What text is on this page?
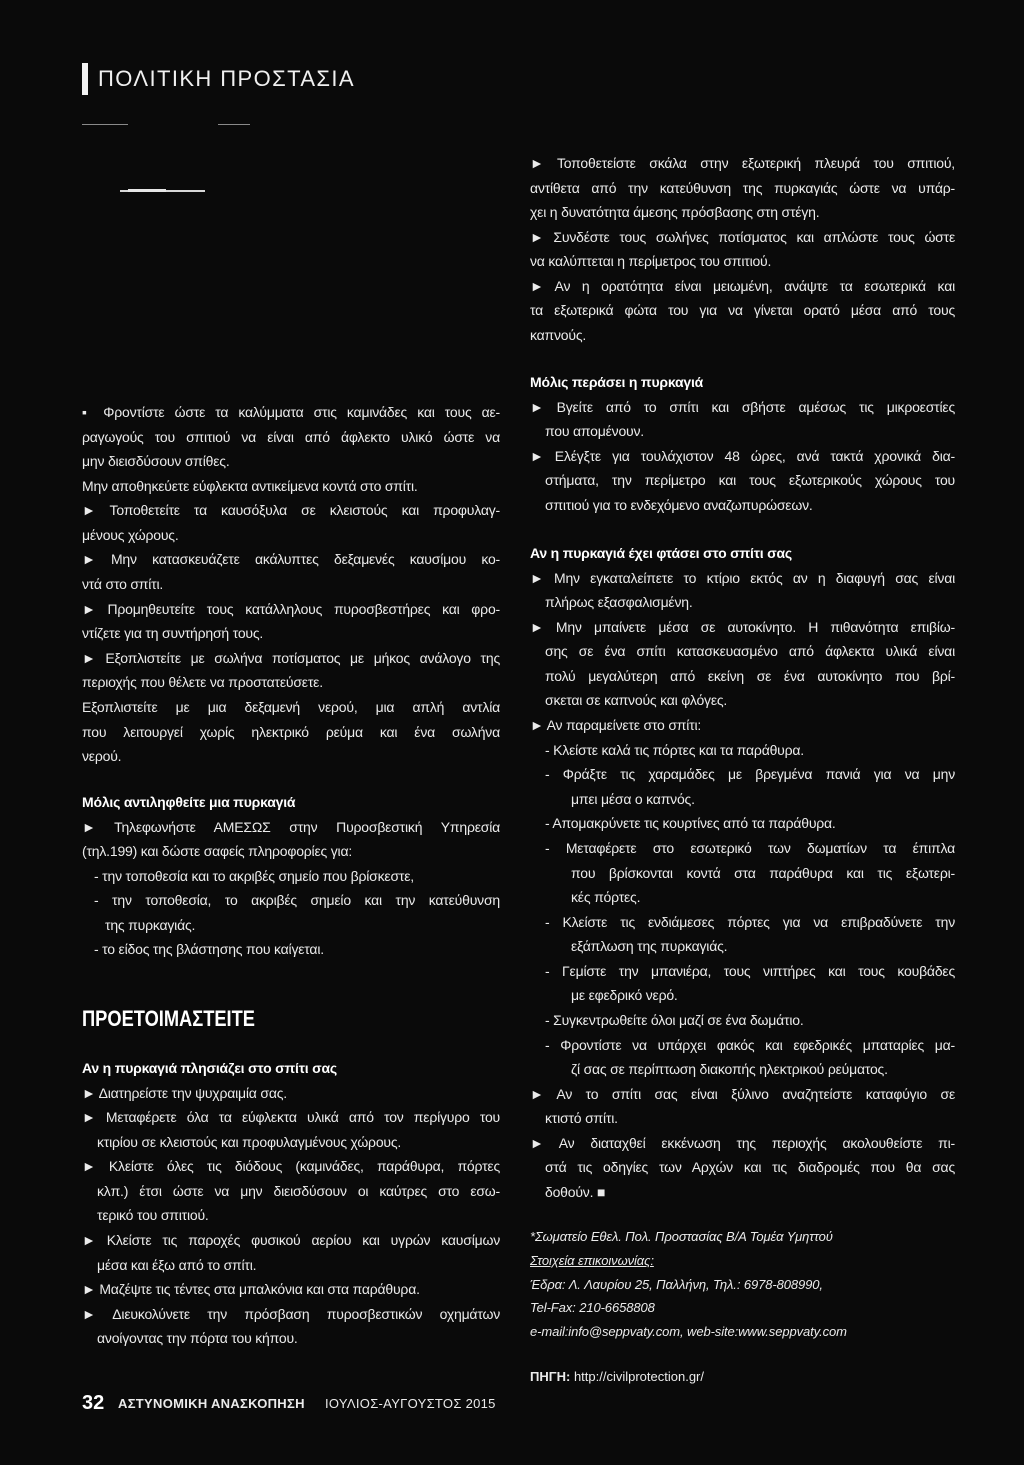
ΠΟΛΙΤΙΚΗ ΠΡΟΣΤΑΣΙΑ
▪ Φροντίστε ώστε τα καλύμματα στις καμινάδες και τους αε-
ραγωγούς του σπιτιού να είναι από άφλεκτο υλικό ώστε να
μην διεισδύσουν σπίθες.
Μην αποθηκεύετε εύφλεκτα αντικείμενα κοντά στο σπίτι.
► Τοποθετείτε τα καυσόξυλα σε κλειστούς και προφυλαγ-
μένους χώρους.
► Μην κατασκευάζετε ακάλυπτες δεξαμενές καυσίμου κο-
ντά στο σπίτι.
► Προμηθευτείτε τους κατάλληλους πυροσβεστήρες και φρο-
ντίζετε για τη συντήρησή τους.
► Εξοπλιστείτε με σωλήνα ποτίσματος με μήκος ανάλογο της
περιοχής που θέλετε να προστατεύσετε.
Εξοπλιστείτε με μια δεξαμενή νερού, μια απλή αντλία
που λειτουργεί χωρίς ηλεκτρικό ρεύμα και ένα σωλήνα
νερού.
Μόλις αντιληφθείτε μια πυρκαγιά
► Τηλεφωνήστε ΑΜΕΣΩΣ στην Πυροσβεστική Υπηρεσία
(τηλ.199) και δώστε σαφείς πληροφορίες για:
- την τοποθεσία και το ακριβές σημείο που βρίσκεστε,
- την τοποθεσία, το ακριβές σημείο και την κατεύθυνση
της πυρκαγιάς.
- το είδος της βλάστησης που καίγεται.
ΠΡΟΕΤΟΙΜΑΣΤΕΙΤΕ
Αν η πυρκαγιά πλησιάζει στο σπίτι σας
► Διατηρείστε την ψυχραιμία σας.
► Μεταφέρετε όλα τα εύφλεκτα υλικά από τον περίγυρο του
κτιρίου σε κλειστούς και προφυλαγμένους χώρους.
► Κλείστε όλες τις διόδους (καμινάδες, παράθυρα, πόρτες
κλπ.) έτσι ώστε να μην διεισδύσουν οι καύτρες στο εσω-
τερικό του σπιτιού.
► Κλείστε τις παροχές φυσικού αερίου και υγρών καυσίμων
μέσα και έξω από το σπίτι.
► Μαζέψτε τις τέντες στα μπαλκόνια και στα παράθυρα.
► Διευκολύνετε την πρόσβαση πυροσβεστικών οχημάτων
ανοίγοντας την πόρτα του κήπου.
► Τοποθετείστε σκάλα στην εξωτερική πλευρά του σπιτιού,
αντίθετα από την κατεύθυνση της πυρκαγιάς ώστε να υπάρ-
χει η δυνατότητα άμεσης πρόσβασης στη στέγη.
► Συνδέστε τους σωλήνες ποτίσματος και απλώστε τους ώστε
να καλύπτεται η περίμετρος του σπιτιού.
► Αν η ορατότητα είναι μειωμένη, ανάψτε τα εσωτερικά και
τα εξωτερικά φώτα του για να γίνεται ορατό μέσα από τους
καπνούς.
Μόλις περάσει η πυρκαγιά
► Βγείτε από το σπίτι και σβήστε αμέσως τις μικροεστίες
που απομένουν.
► Ελέγξτε για τουλάχιστον 48 ώρες, ανά τακτά χρονικά δια-
στήματα, την περίμετρο και τους εξωτερικούς χώρους του
σπιτιού για το ενδεχόμενο αναζωπυρώσεων.
Αν η πυρκαγιά έχει φτάσει στο σπίτι σας
► Μην εγκαταλείπετε το κτίριο εκτός αν η διαφυγή σας είναι
πλήρως εξασφαλισμένη.
► Μην μπαίνετε μέσα σε αυτοκίνητο. Η πιθανότητα επιβίω-
σης σε ένα σπίτι κατασκευασμένο από άφλεκτα υλικά είναι
πολύ μεγαλύτερη από εκείνη σε ένα αυτοκίνητο που βρί-
σκεται σε καπνούς και φλόγες.
► Αν παραμείνετε στο σπίτι:
- Κλείστε καλά τις πόρτες και τα παράθυρα.
- Φράξτε τις χαραμάδες με βρεγμένα πανιά για να μην
μπει μέσα ο καπνός.
- Απομακρύνετε τις κουρτίνες από τα παράθυρα.
- Μεταφέρετε στο εσωτερικό των δωματίων τα έπιπλα
που βρίσκονται κοντά στα παράθυρα και τις εξωτερι-
κές πόρτες.
- Κλείστε τις ενδιάμεσες πόρτες για να επιβραδύνετε την
εξάπλωση της πυρκαγιάς.
- Γεμίστε την μπανιέρα, τους νιπτήρες και τους κουβάδες
με εφεδρικό νερό.
- Συγκεντρωθείτε όλοι μαζί σε ένα δωμάτιο.
- Φροντίστε να υπάρχει φακός και εφεδρικές μπαταρίες μα-
ζί σας σε περίπτωση διακοπής ηλεκτρικού ρεύματος.
► Αν το σπίτι σας είναι ξύλινο αναζητείστε καταφύγιο σε
κτιστό σπίτι.
► Αν διαταχθεί εκκένωση της περιοχής ακολουθείστε πι-
στά τις οδηγίες των Αρχών και τις διαδρομές που θα σας
δοθούν. ■
*Σωματείο Εθελ. Πολ. Προστασίας Β/Α Τομέα Υμηττού
Στοιχεία επικοινωνίας:
Έδρα: Λ. Λαυρίου 25, Παλλήνη, Τηλ.: 6978-808990,
Tel-Fax: 210-6658808
e-mail:info@seppvaty.com, web-site:www.seppvaty.com
ΠΗΓΗ: http://civilprotection.gr/
32 ΑΣΤΥΝΟΜΙΚΗ ΑΝΑΣΚΟΠΗΣΗ ΙΟΥΛΙΟΣ-ΑΥΓΟΥΣΤΟΣ 2015
